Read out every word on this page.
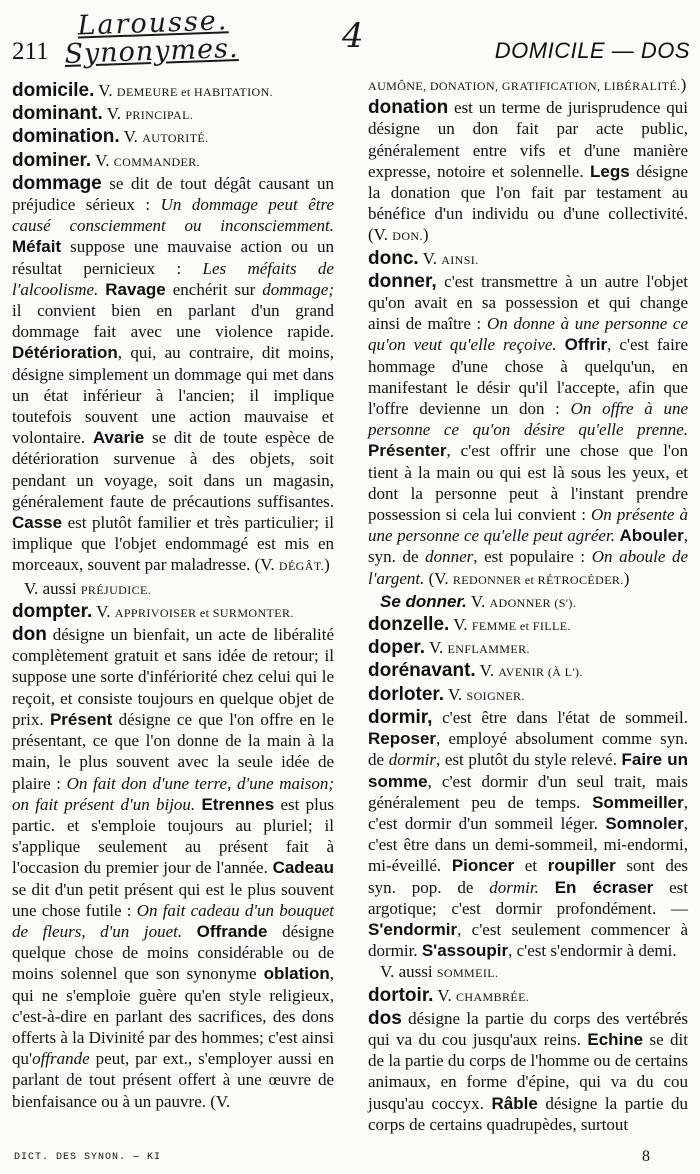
211
Larousse.
Synonymes.	4	DOMICILE — DOS

domicile. V. DEMEURE et HABITATION.

dominant. V. PRINCIPAL.

domination. V. AUTORITÉ.

dominer. V. COMMANDER.

dommage se dit de tout dégât causant un préjudice sérieux : Un dommage peut être causé consciemment ou inconsciemment. Méfait suppose une mauvaise action ou un résultat pernicieux : Les méfaits de l'alcoolisme. Ravage enchérit sur dommage; il convient bien en parlant d'un grand dommage fait avec une violence rapide. Détérioration, qui, au contraire, dit moins, désigne simplement un dommage qui met dans un état inférieur à l'ancien; il implique toutefois souvent une action mauvaise et volontaire. Avarie se dit de toute espèce de détérioration survenue à des objets, soit pendant un voyage, soit dans un magasin, généralement faute de précautions suffisantes. Casse est plutôt familier et très particulier; il implique que l'objet endommagé est mis en morceaux, souvent par maladresse. (V. DÉGÂT.)

V. aussi PRÉJUDICE.

dompter. V. APPRIVOISER et SURMONTER.

don désigne un bienfait, un acte de libéralité complètement gratuit et sans idée de retour; il suppose une sorte d'infériorité chez celui qui le reçoit, et consiste toujours en quelque objet de prix. Présent désigne ce que l'on offre en le présentant, ce que l'on donne de la main à la main, le plus souvent avec la seule idée de plaire : On fait don d'une terre, d'une maison; on fait présent d'un bijou. Etrennes est plus partic. et s'emploie toujours au pluriel; il s'applique seulement au présent fait à l'occasion du premier jour de l'année. Cadeau se dit d'un petit présent qui est le plus souvent une chose futile : On fait cadeau d'un bouquet de fleurs, d'un jouet. Offrande désigne quelque chose de moins considérable ou de moins solennel que son synonyme oblation, qui ne s'emploie guère qu'en style religieux, c'est-à-dire en parlant des sacrifices, des dons offerts à la Divinité par des hommes; c'est ainsi qu'offrande peut, par ext., s'employer aussi en parlant de tout présent offert à une œuvre de bienfaisance ou à un pauvre. (V.

AUMÔNE, DONATION, GRATIFICATION, LIBÉRALITÉ.)

donation est un terme de jurisprudence qui désigne un don fait par acte public, généralement entre vifs et d'une manière expresse, notoire et solennelle. Legs désigne la donation que l'on fait par testament au bénéfice d'un individu ou d'une collectivité. (V. DON.)

donc. V. AINSI.

donner, c'est transmettre à un autre l'objet qu'on avait en sa possession et qui change ainsi de maître : On donne à une personne ce qu'on veut qu'elle reçoive. Offrir, c'est faire hommage d'une chose à quelqu'un, en manifestant le désir qu'il l'accepte, afin que l'offre devienne un don : On offre à une personne ce qu'on désire qu'elle prenne. Présenter, c'est offrir une chose que l'on tient à la main ou qui est là sous les yeux, et dont la personne peut à l'instant prendre possession si cela lui convient : On présente à une personne ce qu'elle peut agréer. Abouler, syn. de donner, est populaire : On aboule de l'argent. (V. REDONNER et RÉTROCÉDER.)

Se donner. V. ADONNER (S').

donzelle. V. FEMME et FILLE.

doper. V. ENFLAMMER.

dorénavant. V. AVENIR (À L').

dorloter. V. SOIGNER.

dormir, c'est être dans l'état de sommeil. Reposer, employé absolument comme syn. de dormir, est plutôt du style relevé. Faire un somme, c'est dormir d'un seul trait, mais généralement peu de temps. Sommeiller, c'est dormir d'un sommeil léger. Somnoler, c'est être dans un demi-sommeil, mi-endormi, mi-éveillé. Pioncer et roupiller sont des syn. pop. de dormir. En écraser est argotique; c'est dormir profondément. — S'endormir, c'est seulement commencer à dormir. S'assoupir, c'est s'endormir à demi.

V. aussi SOMMEIL.

dortoir. V. CHAMBRÉE.

dos désigne la partie du corps des vertébrés qui va du cou jusqu'aux reins. Echine se dit de la partie du corps de l'homme ou de certains animaux, en forme d'épine, qui va du cou jusqu'au coccyx. Râble désigne la partie du corps de certains quadrupèdes, surtout

DICT. DES SYNON. — KI	8
